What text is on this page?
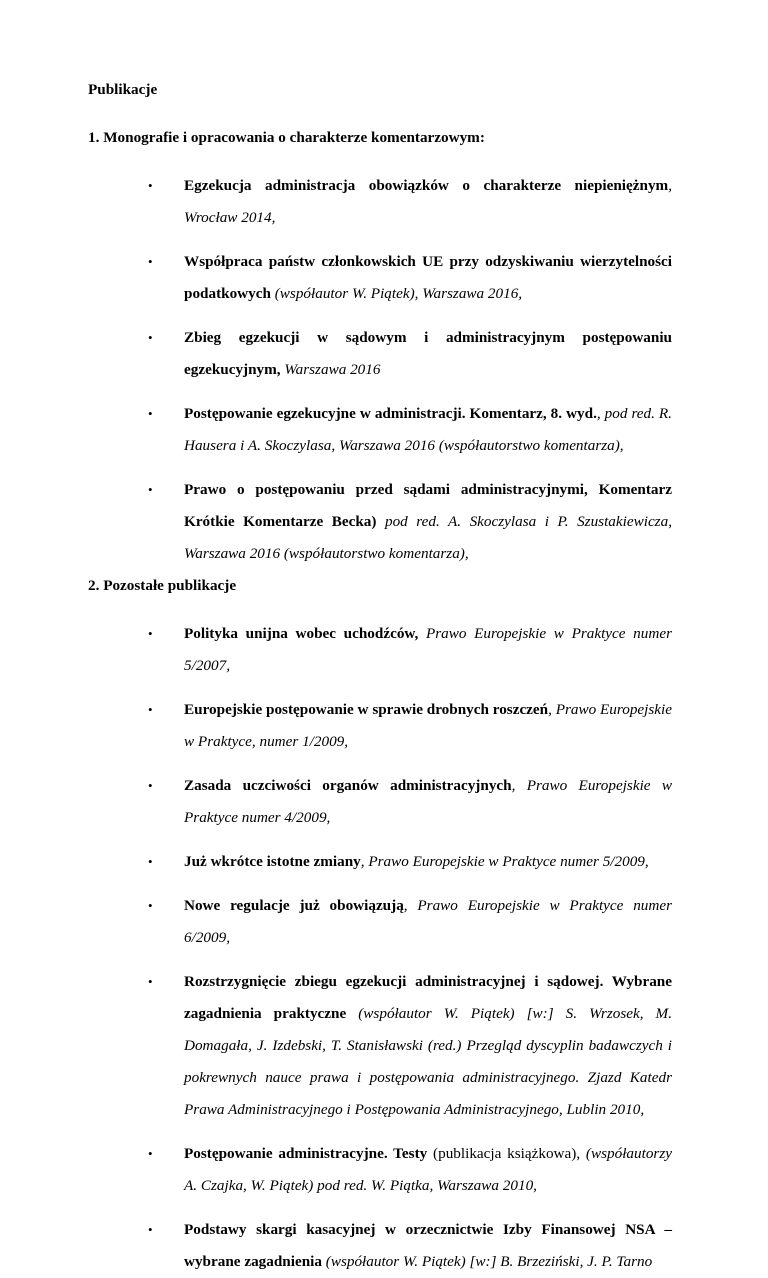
Publikacje

1. Monografie i opracowania o charakterze komentarzowym:

• Egzekucja administracja obowiązków o charakterze niepieniężnym, Wrocław 2014,
• Współpraca państw członkowskich UE przy odzyskiwaniu wierzytelności podatkowych (współautor W. Piątek), Warszawa 2016,
• Zbieg egzekucji w sądowym i administracyjnym postępowaniu egzekucyjnym, Warszawa 2016
• Postępowanie egzekucyjne w administracji. Komentarz, 8. wyd., pod red. R. Hausera i A. Skoczylasa, Warszawa 2016 (współautorstwo komentarza),
• Prawo o postępowaniu przed sądami administracyjnymi, Komentarz Krótkie Komentarze Becka) pod red. A. Skoczylasa i P. Szustakiewicza, Warszawa 2016 (współautorstwo komentarza),

2. Pozostałe publikacje

• Polityka unijna wobec uchodźców, Prawo Europejskie w Praktyce numer 5/2007,
• Europejskie postępowanie w sprawie drobnych roszczeń, Prawo Europejskie w Praktyce, numer 1/2009,
• Zasada uczciwości organów administracyjnych, Prawo Europejskie w Praktyce numer 4/2009,
• Już wkrótce istotne zmiany, Prawo Europejskie w Praktyce numer 5/2009,
• Nowe regulacje już obowiązują, Prawo Europejskie w Praktyce numer 6/2009,
• Rozstrzygnięcie zbiegu egzekucji administracyjnej i sądowej. Wybrane zagadnienia praktyczne (współautor W. Piątek) [w:] S. Wrzosek, M. Domagała, J. Izdebski, T. Stanisławski (red.) Przegląd dyscyplin badawczych i pokrewnych nauce prawa i postępowania administracyjnego. Zjazd Katedr Prawa Administracyjnego i Postępowania Administracyjnego, Lublin 2010,
• Postępowanie administracyjne. Testy (publikacja książkowa), (współautorzy A. Czajka, W. Piątek) pod red. W. Piątka, Warszawa 2010,
• Podstawy skargi kasacyjnej w orzecznictwie Izby Finansowej NSA – wybrane zagadnienia (współautor W. Piątek) [w:] B. Brzeziński, J. P. Tarno
